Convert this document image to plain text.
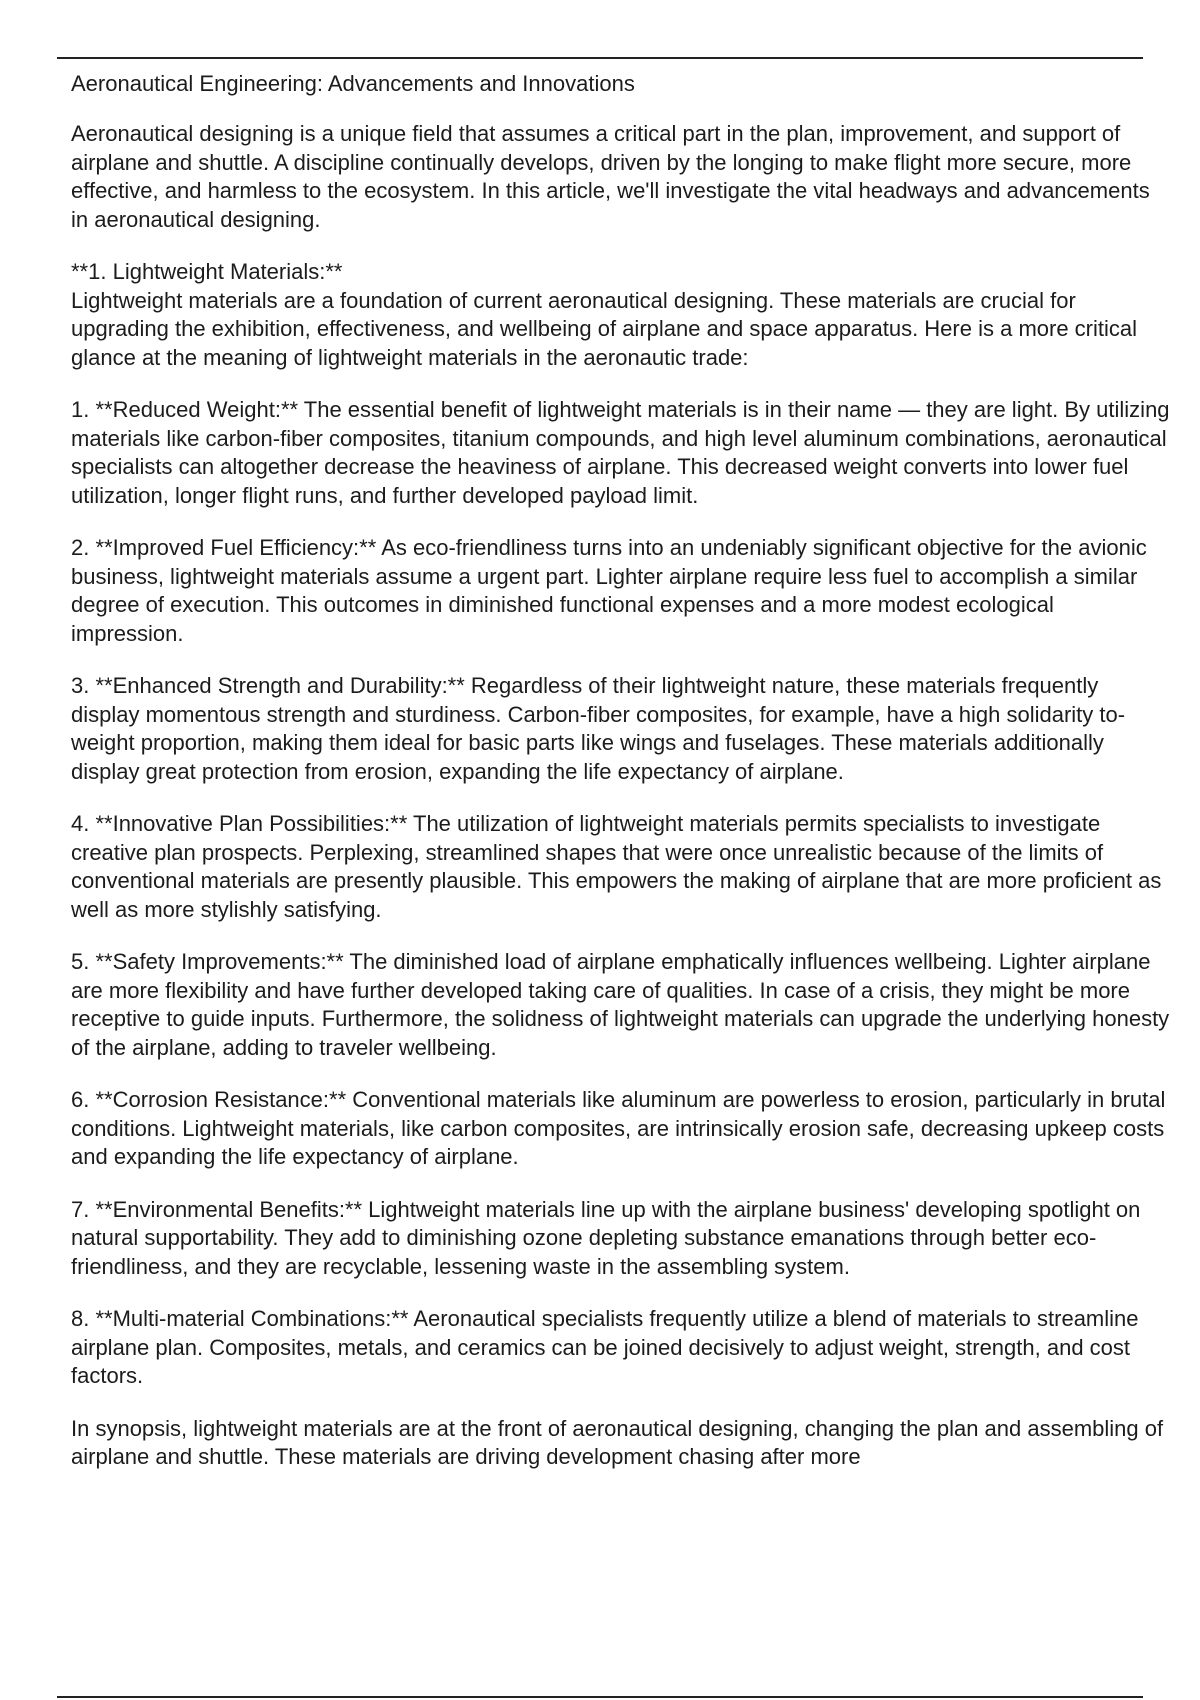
Aeronautical Engineering: Advancements and Innovations

Aeronautical designing is a unique field that assumes a critical part in the plan, improvement, and support of airplane and shuttle. A discipline continually develops, driven by the longing to make flight more secure, more effective, and harmless to the ecosystem. In this article, we'll investigate the vital headways and advancements in aeronautical designing.

**1. Lightweight Materials:**

Lightweight materials are a foundation of current aeronautical designing. These materials are crucial for upgrading the exhibition, effectiveness, and wellbeing of airplane and space apparatus. Here is a more critical glance at the meaning of lightweight materials in the aeronautic trade:

1. **Reduced Weight:** The essential benefit of lightweight materials is in their name — they are light. By utilizing materials like carbon-fiber composites, titanium compounds, and high level aluminum combinations, aeronautical specialists can altogether decrease the heaviness of airplane. This decreased weight converts into lower fuel utilization, longer flight runs, and further developed payload limit.

2. **Improved Fuel Efficiency:** As eco-friendliness turns into an undeniably significant objective for the avionic business, lightweight materials assume a urgent part. Lighter airplane require less fuel to accomplish a similar degree of execution. This outcomes in diminished functional expenses and a more modest ecological impression.

3. **Enhanced Strength and Durability:** Regardless of their lightweight nature, these materials frequently display momentous strength and sturdiness. Carbon-fiber composites, for example, have a high solidarity to-weight proportion, making them ideal for basic parts like wings and fuselages. These materials additionally display great protection from erosion, expanding the life expectancy of airplane.

4. **Innovative Plan Possibilities:** The utilization of lightweight materials permits specialists to investigate creative plan prospects. Perplexing, streamlined shapes that were once unrealistic because of the limits of conventional materials are presently plausible. This empowers the making of airplane that are more proficient as well as more stylishly satisfying.

5. **Safety Improvements:** The diminished load of airplane emphatically influences wellbeing. Lighter airplane are more flexibility and have further developed taking care of qualities. In case of a crisis, they might be more receptive to guide inputs. Furthermore, the solidness of lightweight materials can upgrade the underlying honesty of the airplane, adding to traveler wellbeing.

6. **Corrosion Resistance:** Conventional materials like aluminum are powerless to erosion, particularly in brutal conditions. Lightweight materials, like carbon composites, are intrinsically erosion safe, decreasing upkeep costs and expanding the life expectancy of airplane.

7. **Environmental Benefits:** Lightweight materials line up with the airplane business' developing spotlight on natural supportability. They add to diminishing ozone depleting substance emanations through better eco-friendliness, and they are recyclable, lessening waste in the assembling system.

8. **Multi-material Combinations:** Aeronautical specialists frequently utilize a blend of materials to streamline airplane plan. Composites, metals, and ceramics can be joined decisively to adjust weight, strength, and cost factors.

In synopsis, lightweight materials are at the front of aeronautical designing, changing the plan and assembling of airplane and shuttle. These materials are driving development chasing after more
